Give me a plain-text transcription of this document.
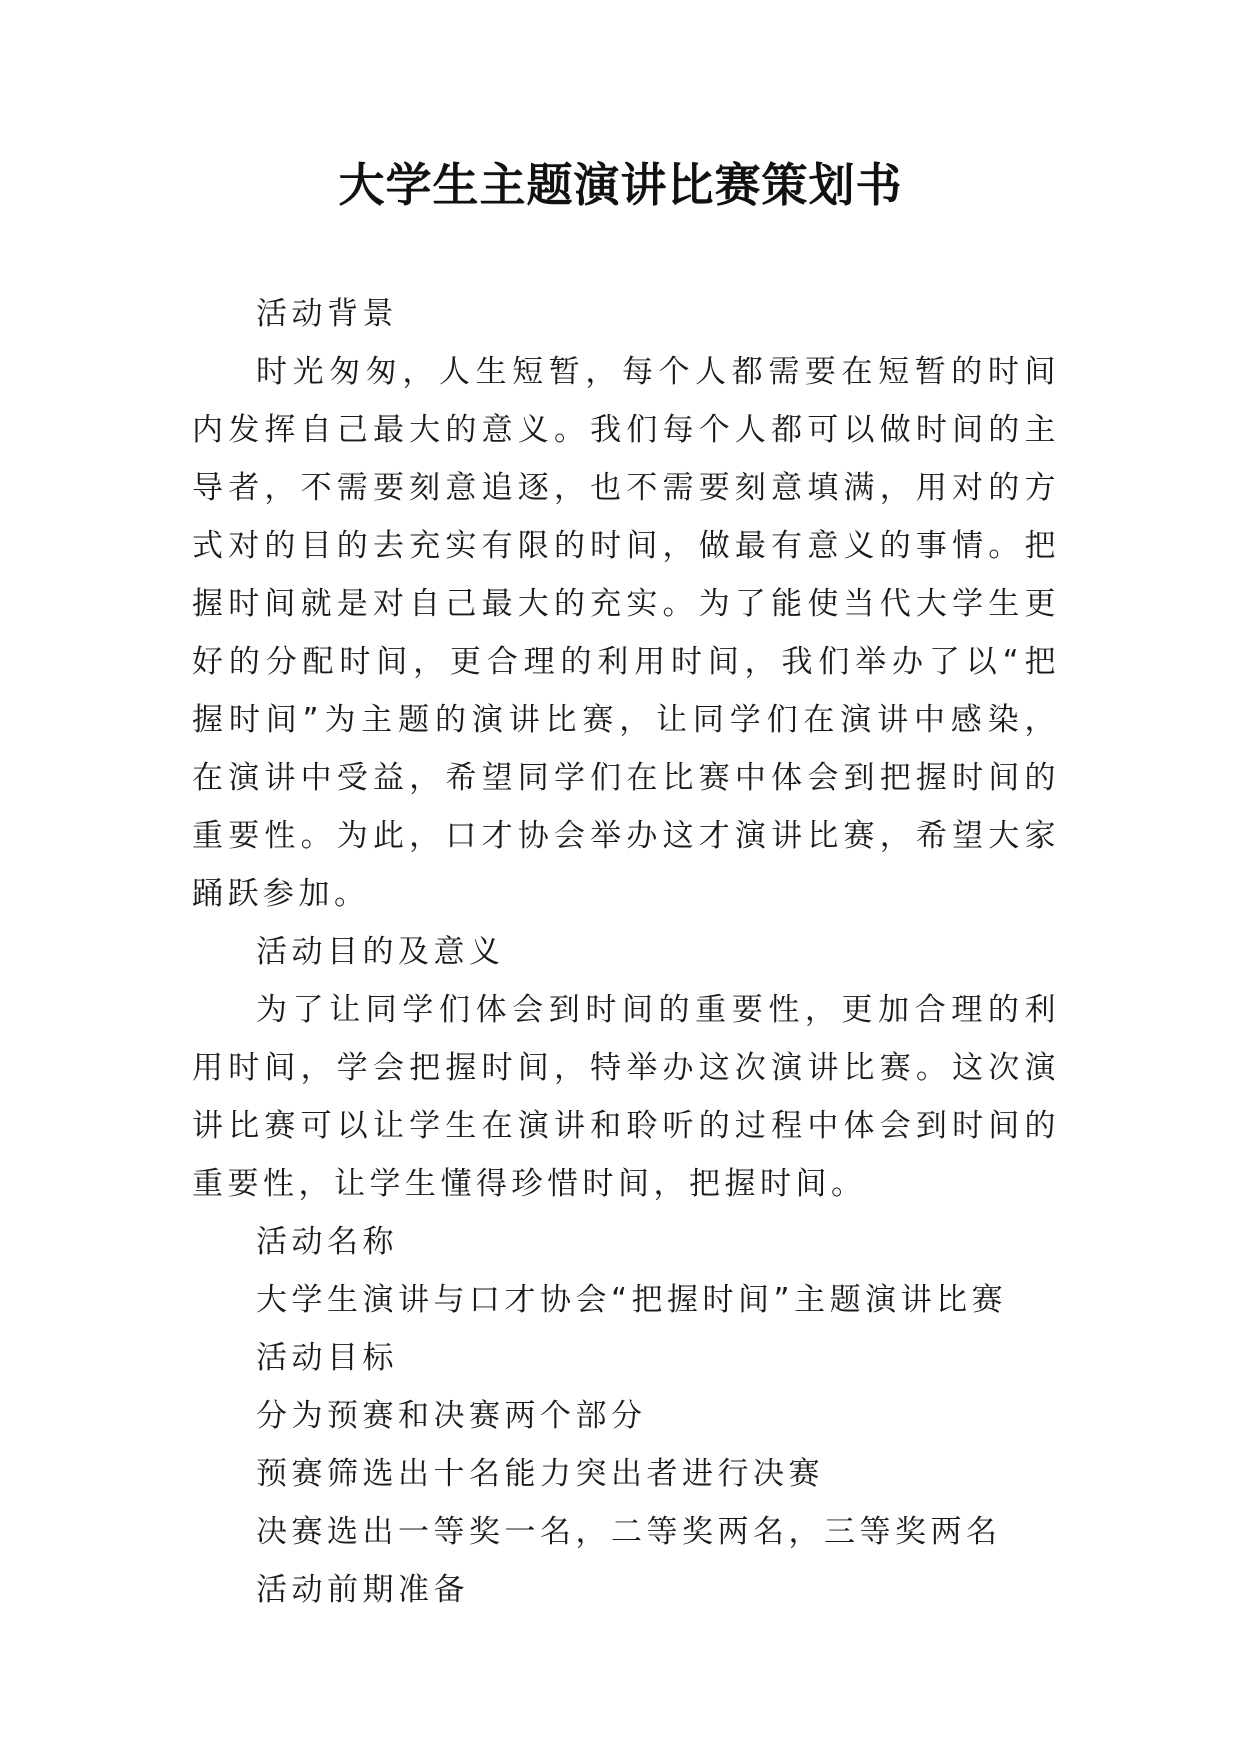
大学生主题演讲比赛策划书

活动背景

时光匆匆，人生短暂，每个人都需要在短暂的时间内发挥自己最大的意义。我们每个人都可以做时间的主导者，不需要刻意追逐，也不需要刻意填满，用对的方式对的目的去充实有限的时间，做最有意义的事情。把握时间就是对自己最大的充实。为了能使当代大学生更好的分配时间，更合理的利用时间，我们举办了以“把握时间”为主题的演讲比赛，让同学们在演讲中感染，在演讲中受益，希望同学们在比赛中体会到把握时间的重要性。为此，口才协会举办这才演讲比赛，希望大家踊跃参加。

活动目的及意义

为了让同学们体会到时间的重要性，更加合理的利用时间，学会把握时间，特举办这次演讲比赛。这次演讲比赛可以让学生在演讲和聆听的过程中体会到时间的重要性，让学生懂得珍惜时间，把握时间。

活动名称

大学生演讲与口才协会“把握时间”主题演讲比赛

活动目标

分为预赛和决赛两个部分

预赛筛选出十名能力突出者进行决赛

决赛选出一等奖一名，二等奖两名，三等奖两名

活动前期准备
